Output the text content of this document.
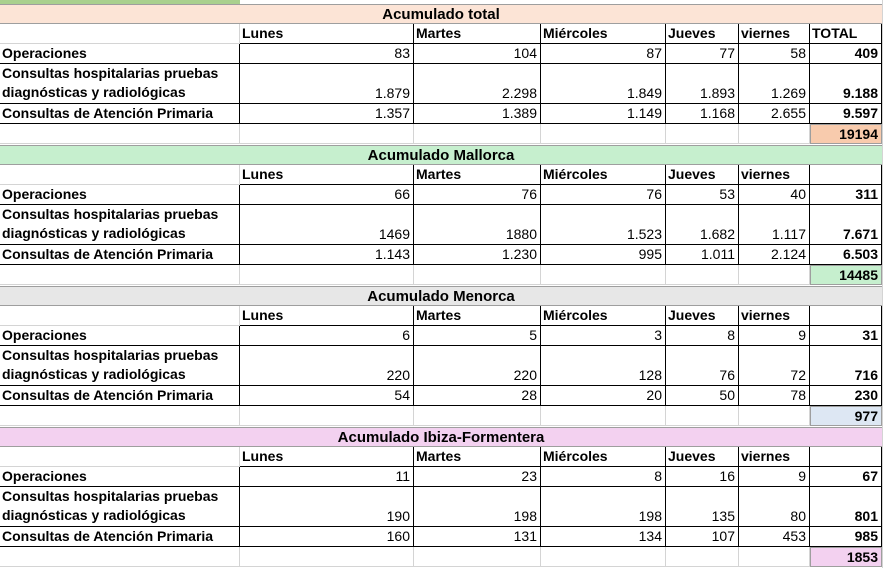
Acumulado total
Lunes	Martes	Miércoles	Jueves	viernes	TOTAL
Operaciones	83	104	87	77	58	409
Consultas hospitalarias pruebas
diagnósticas y radiológicas	1.879	2.298	1.849	1.893	1.269	9.188
Consultas de Atención Primaria	1.357	1.389	1.149	1.168	2.655	9.597
19194
Acumulado Mallorca
Lunes	Martes	Miércoles	Jueves	viernes
Operaciones	66	76	76	53	40	311
Consultas hospitalarias pruebas
diagnósticas y radiológicas	1469	1880	1.523	1.682	1.117	7.671
Consultas de Atención Primaria	1.143	1.230	995	1.011	2.124	6.503
14485
Acumulado Menorca
Lunes	Martes	Miércoles	Jueves	viernes
Operaciones	6	5	3	8	9	31
Consultas hospitalarias pruebas
diagnósticas y radiológicas	220	220	128	76	72	716
Consultas de Atención Primaria	54	28	20	50	78	230
977
Acumulado Ibiza-Formentera
Lunes	Martes	Miércoles	Jueves	viernes
Operaciones	11	23	8	16	9	67
Consultas hospitalarias pruebas
diagnósticas y radiológicas	190	198	198	135	80	801
Consultas de Atención Primaria	160	131	134	107	453	985
1853
